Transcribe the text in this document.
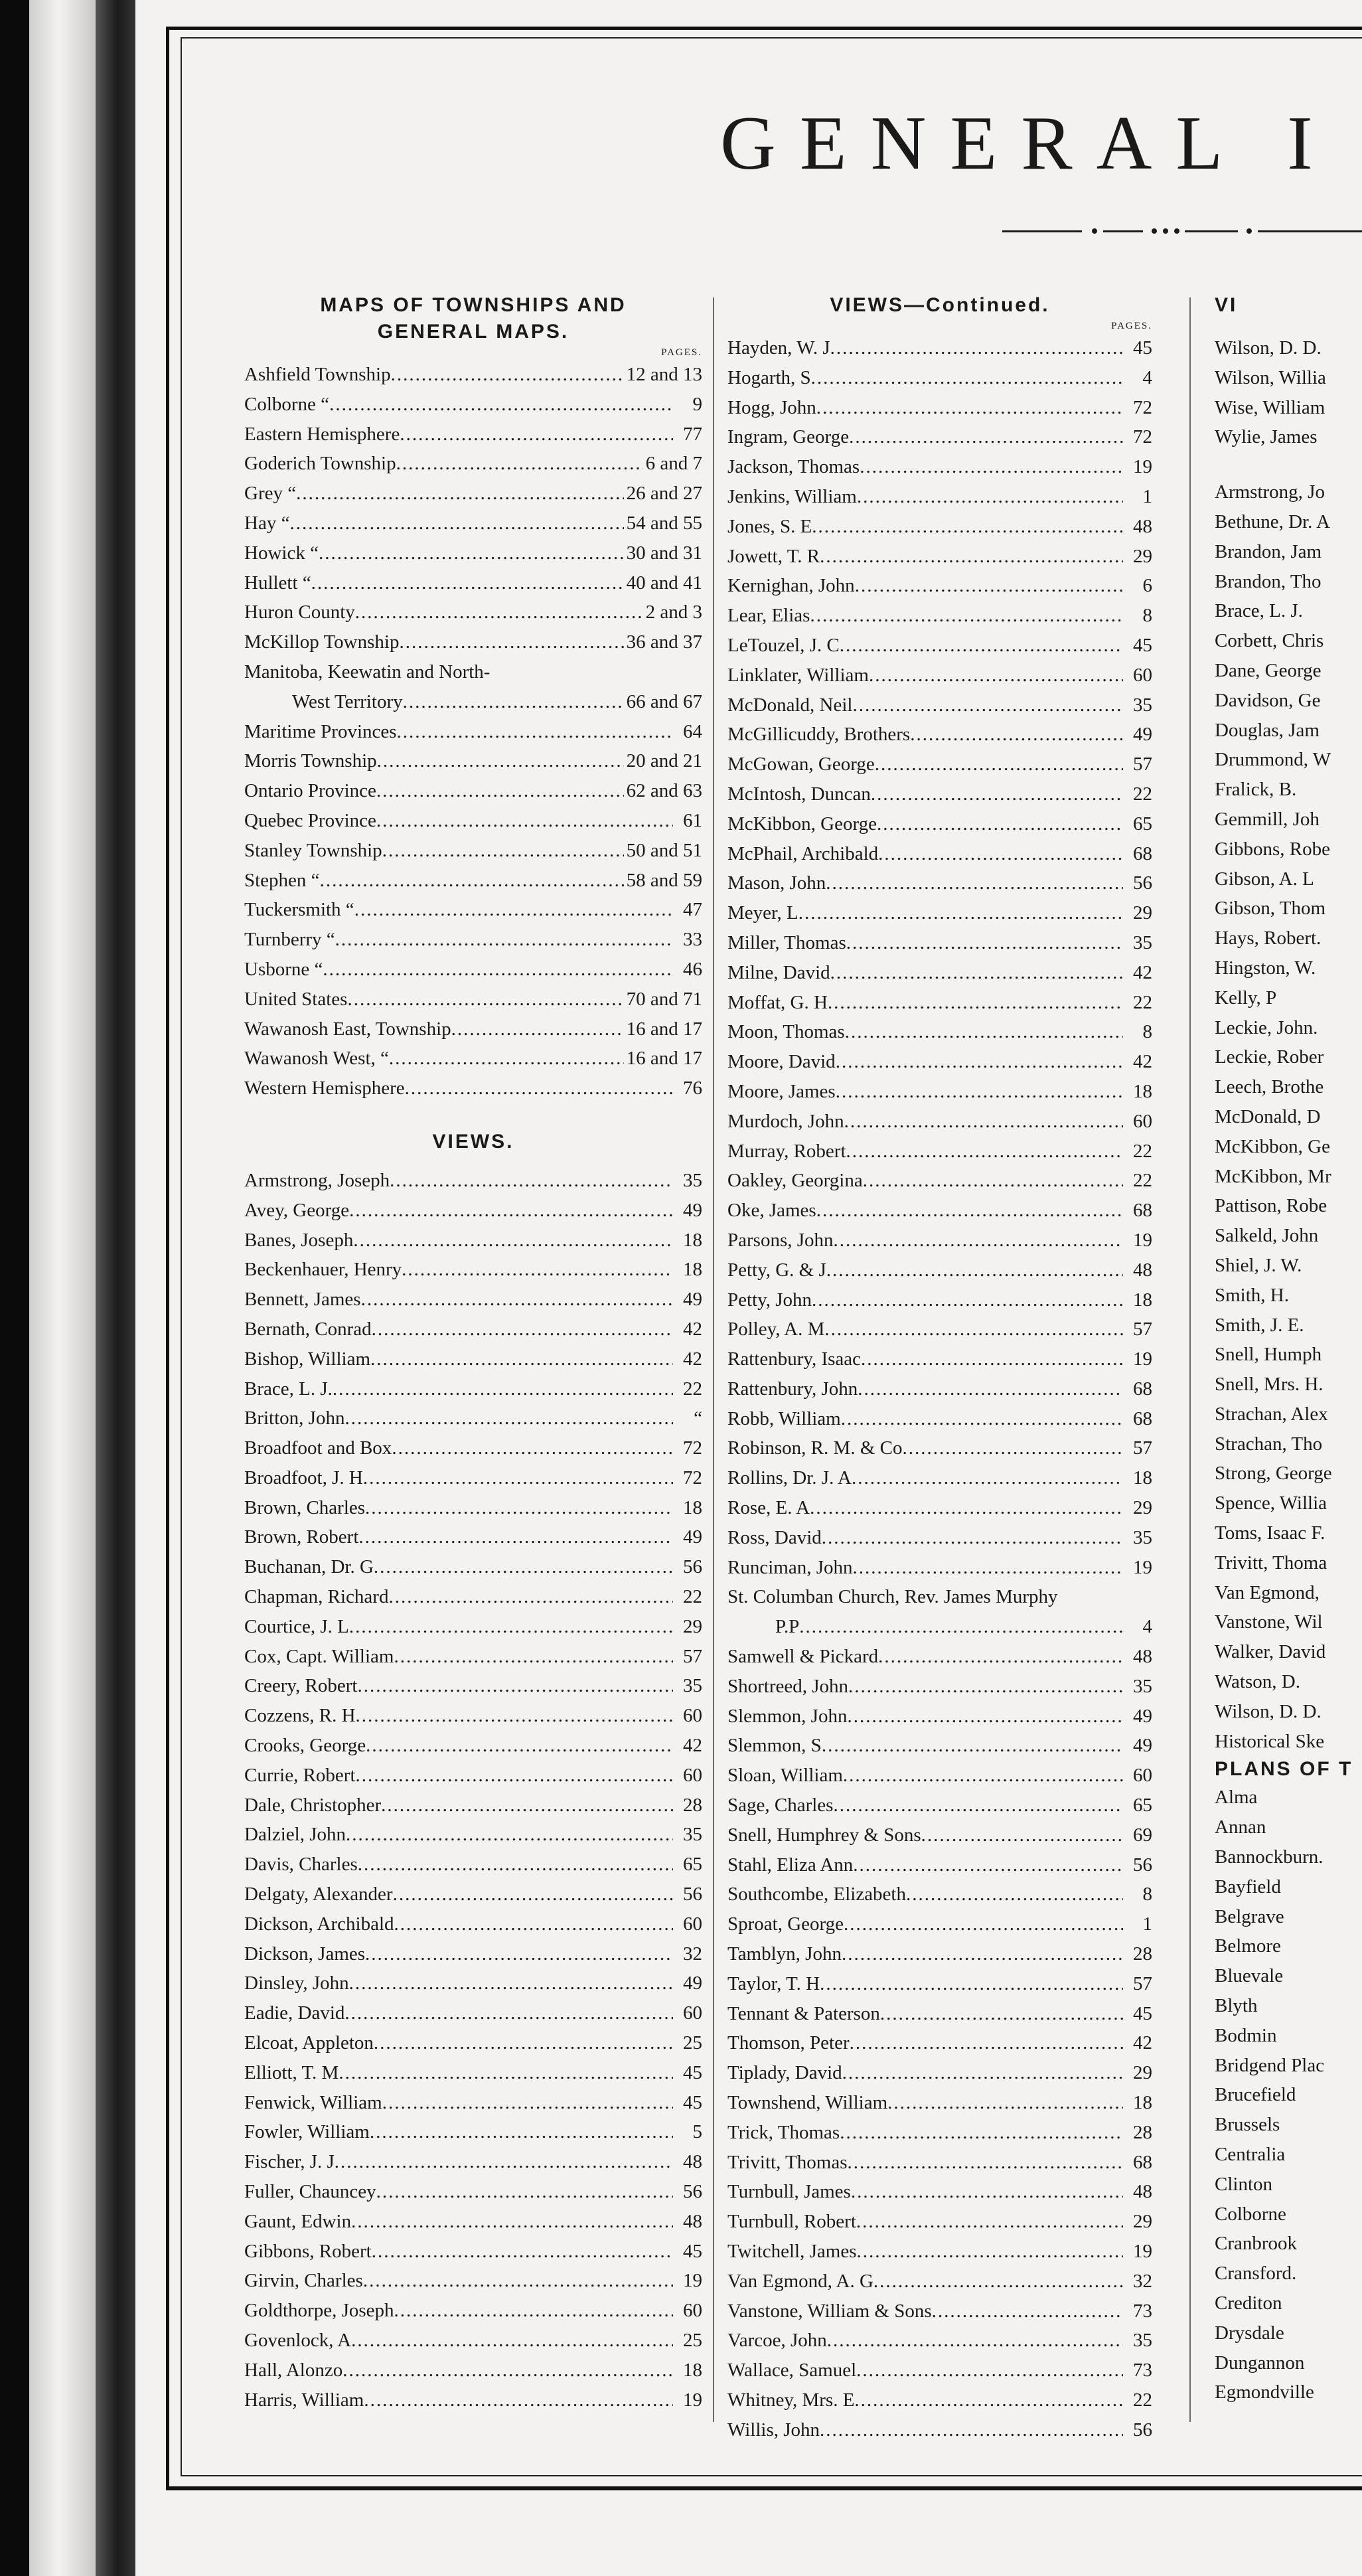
GENERAL I
MAPS OF TOWNSHIPS AND
GENERAL MAPS.
PAGES.
Ashfield Township .....	12 and 13
Colborne “ .....	9
Eastern Hemisphere .....	77
Goderich Township .....	6 and 7
Grey “ .....	26 and 27
Hay “ .....	54 and 55
Howick “ .....	30 and 31
Hullett “ .....	40 and 41
Huron County .....	2 and 3
McKillop Township .....	36 and 37
Manitoba, Keewatin and North-
West Territory .....	66 and 67
Maritime Provinces .....	64
Morris Township .....	20 and 21
Ontario Province .....	62 and 63
Quebec Province .....	61
Stanley Township .....	50 and 51
Stephen “ .....	58 and 59
Tuckersmith “ .....	47
Turnberry “ .....	33
Usborne “ .....	46
United States .....	70 and 71
Wawanosh East, Township .....	16 and 17
Wawanosh West, “ .....	16 and 17
Western Hemisphere .....	76
VIEWS.
Armstrong, Joseph .....	35
Avey, George .....	49
Banes, Joseph .....	18
Beckenhauer, Henry .....	18
Bennett, James .....	49
Bernath, Conrad .....	42
Bishop, William .....	42
Brace, L. J. .....	22
Britton, John .....	“
Broadfoot and Box .....	72
Broadfoot, J. H .....	72
Brown, Charles .....	18
Brown, Robert .....	49
Buchanan, Dr. G .....	56
Chapman, Richard .....	22
Courtice, J. L .....	29
Cox, Capt. William .....	57
Creery, Robert .....	35
Cozzens, R. H .....	60
Crooks, George .....	42
Currie, Robert .....	60
Dale, Christopher .....	28
Dalziel, John .....	35
Davis, Charles .....	65
Delgaty, Alexander .....	56
Dickson, Archibald .....	60
Dickson, James .....	32
Dinsley, John .....	49
Eadie, David .....	60
Elcoat, Appleton .....	25
Elliott, T. M .....	45
Fenwick, William .....	45
Fowler, William .....	5
Fischer, J. J .....	48
Fuller, Chauncey .....	56
Gaunt, Edwin .....	48
Gibbons, Robert .....	45
Girvin, Charles .....	19
Goldthorpe, Joseph .....	60
Govenlock, A .....	25
Hall, Alonzo .....	18
Harris, William .....	19
VIEWS—Continued.
PAGES.
Hayden, W. J .....	45
Hogarth, S .....	4
Hogg, John .....	72
Ingram, George .....	72
Jackson, Thomas .....	19
Jenkins, William .....	1
Jones, S. E .....	48
Jowett, T. R .....	29
Kernighan, John .....	6
Lear, Elias .....	8
LeTouzel, J. C .....	45
Linklater, William .....	60
McDonald, Neil .....	35
McGillicuddy, Brothers .....	49
McGowan, George .....	57
McIntosh, Duncan .....	22
McKibbon, George .....	65
McPhail, Archibald .....	68
Mason, John .....	56
Meyer, L .....	29
Miller, Thomas .....	35
Milne, David .....	42
Moffat, G. H .....	22
Moon, Thomas .....	8
Moore, David .....	42
Moore, James .....	18
Murdoch, John .....	60
Murray, Robert .....	22
Oakley, Georgina .....	22
Oke, James .....	68
Parsons, John .....	19
Petty, G. & J .....	48
Petty, John .....	18
Polley, A. M .....	57
Rattenbury, Isaac .....	19
Rattenbury, John .....	68
Robb, William .....	68
Robinson, R. M. & Co .....	57
Rollins, Dr. J. A .....	18
Rose, E. A .....	29
Ross, David .....	35
Runciman, John .....	19
St. Columban Church, Rev. James Murphy
P.P .....	4
Samwell & Pickard .....	48
Shortreed, John .....	35
Slemmon, John .....	49
Slemmon, S .....	49
Sloan, William .....	60
Sage, Charles .....	65
Snell, Humphrey & Sons .....	69
Stahl, Eliza Ann .....	56
Southcombe, Elizabeth .....	8
Sproat, George .....	1
Tamblyn, John .....	28
Taylor, T. H .....	57
Tennant & Paterson .....	45
Thomson, Peter .....	42
Tiplady, David .....	29
Townshend, William .....	18
Trick, Thomas .....	28
Trivitt, Thomas .....	68
Turnbull, James .....	48
Turnbull, Robert .....	29
Twitchell, James .....	19
Van Egmond, A. G .....	32
Vanstone, William & Sons .....	73
Varcoe, John .....	35
Wallace, Samuel .....	73
Whitney, Mrs. E .....	22
Willis, John .....	56
VI
Wilson, D. D.
Wilson, Willia
Wise, William
Wylie, James
Armstrong, Jo
Bethune, Dr. A
Brandon, Jam
Brandon, Tho
Brace, L. J.
Corbett, Chris
Dane, George
Davidson, Ge
Douglas, Jam
Drummond, W
Fralick, B.
Gemmill, Joh
Gibbons, Robe
Gibson, A. L
Gibson, Thom
Hays, Robert.
Hingston, W.
Kelly, P
Leckie, John.
Leckie, Rober
Leech, Brothe
McDonald, D
McKibbon, Ge
McKibbon, Mr
Pattison, Robe
Salkeld, John
Shiel, J. W.
Smith, H.
Smith, J. E.
Snell, Humph
Snell, Mrs. H.
Strachan, Alex
Strachan, Tho
Strong, George
Spence, Willia
Toms, Isaac F.
Trivitt, Thoma
Van Egmond,
Vanstone, Wil
Walker, David
Watson, D.
Wilson, D. D.
Historical Ske
PLANS OF T
Alma
Annan
Bannockburn.
Bayfield
Belgrave
Belmore
Bluevale
Blyth
Bodmin
Bridgend Plac
Brucefield
Brussels
Centralia
Clinton
Colborne
Cranbrook
Cransford.
Crediton
Drysdale
Dungannon
Egmondville
